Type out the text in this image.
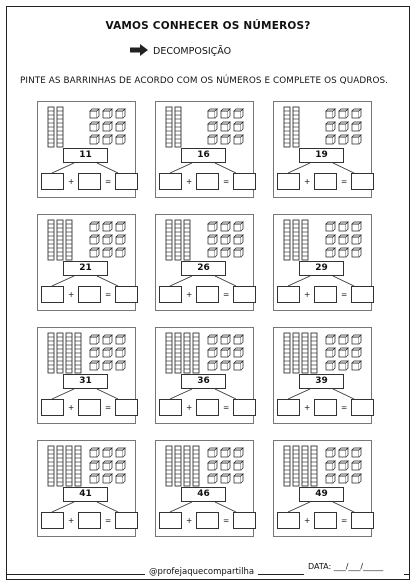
VAMOS CONHECER OS NÚMEROS?
DECOMPOSIÇÃO
PINTE AS BARRINHAS DE ACORDO COM OS NÚMEROS E COMPLETE OS QUADROS.
11
+	=
16
+	=
19
+	=
21
+	=
26
+	=
29
+	=
31
+	=
36
+	=
39
+	=
41
+	=
46
+	=
49
+	=
@profejaquecompartilha
DATA: ___/___/_____
